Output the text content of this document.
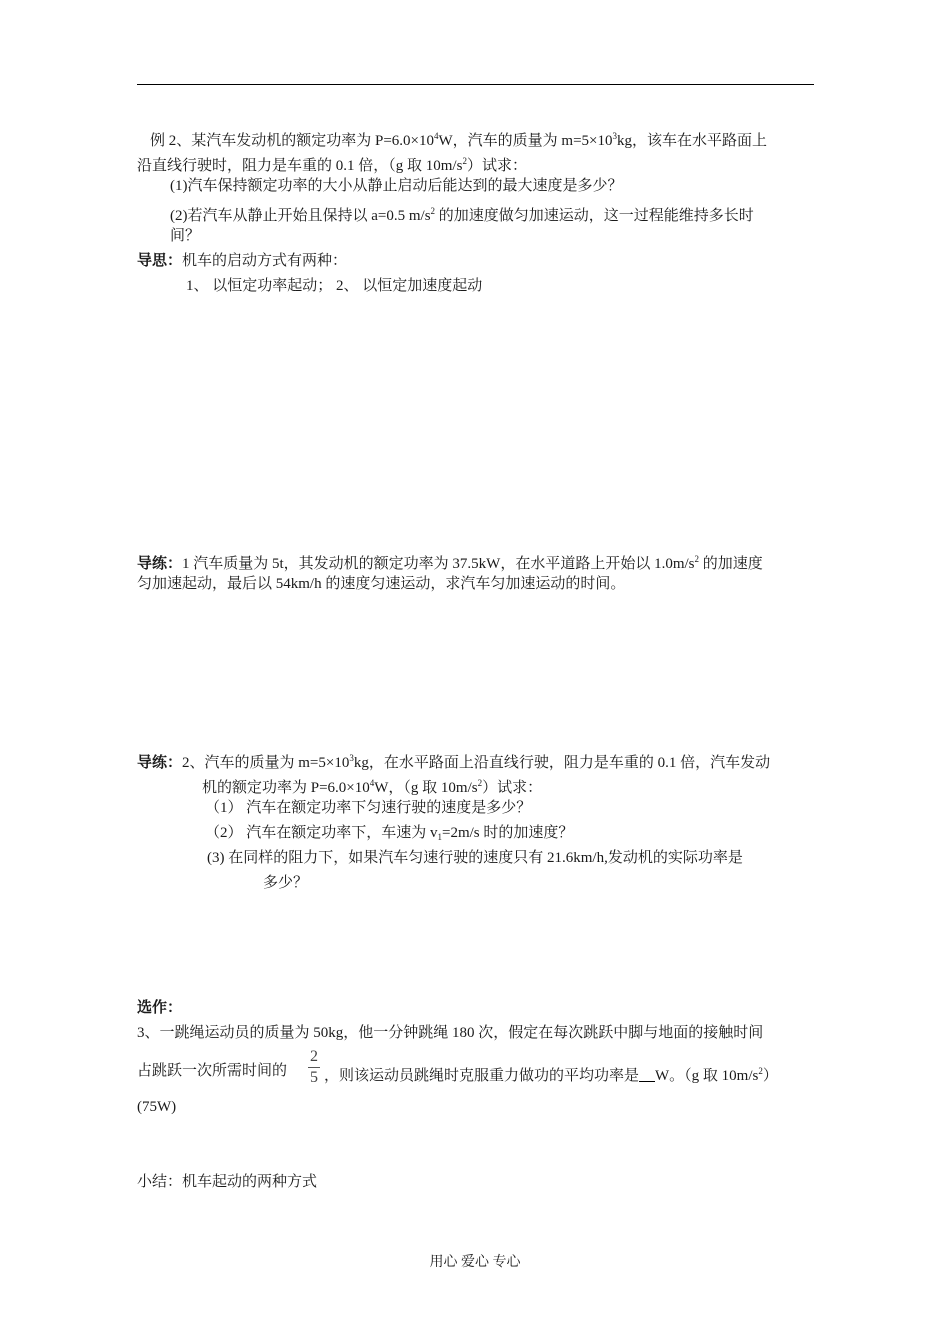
例 2、某汽车发动机的额定功率为 $P=6.0\times 10^4W$，汽车的质量为 $m=5\times 10^3kg$，该车在水平路面上
沿直线行驶时，阻力是车重的 0.1 倍，（g 取 $10m/s^2$）试求：
(1)汽车保持额定功率的大小从静止启动后能达到的最大速度是多少？
(2)若汽车从静止开始且保持以 a=0.5 $m/s^2$ 的加速度做匀加速运动，这一过程能维持多长时
间？
导思：机车的启动方式有两种：
1、 以恒定功率起动； 2、 以恒定加速度起动
导练：1 汽车质量为 5t，其发动机的额定功率为 37.5kW，在水平道路上开始以 $1.0m/s^2$ 的加速度
匀加速起动，最后以 54km/h 的速度匀速运动，求汽车匀加速运动的时间。
导练：2、汽车的质量为 $m=5\times 10^3kg$，在水平路面上沿直线行驶，阻力是车重的 0.1 倍，汽车发动
机的额定功率为 $P=6.0\times 10^4W$，（g 取 $10m/s^2$）试求：
（1） 汽车在额定功率下匀速行驶的速度是多少？
（2） 汽车在额定功率下，车速为 $v_1=2m/s$ 时的加速度？
(3) 在同样的阻力下，如果汽车匀速行驶的速度只有 21.6km/h,发动机的实际功率是
多少？
选作：
3、一跳绳运动员的质量为 50kg，他一分钟跳绳 180 次，假定在每次跳跃中脚与地面的接触时间
占跳跃一次所需时间的
2
5 ，则该运动员跳绳时克服重力做功的平均功率是 W。（g 取 $10m/s^2$）
(75W)
小结：机车起动的两种方式
用心 爱心 专心
